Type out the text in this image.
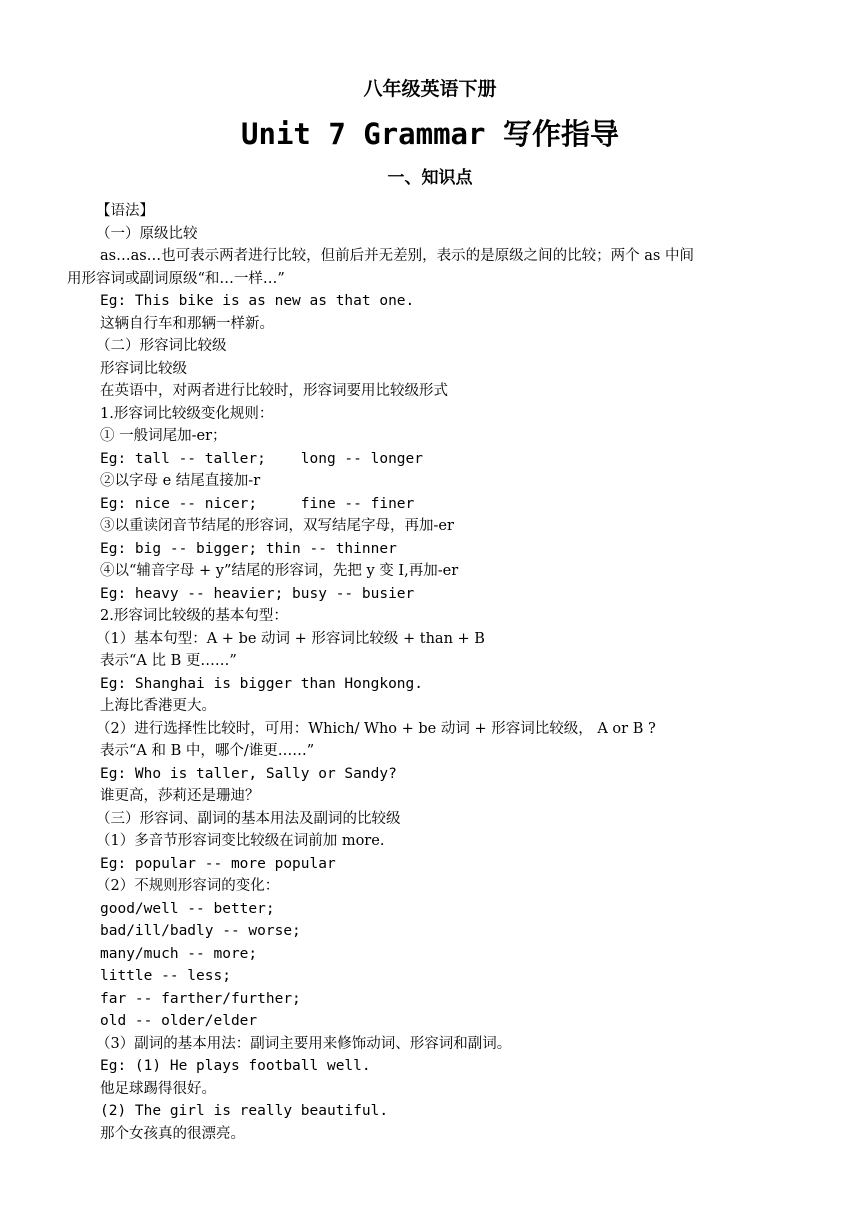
八年级英语下册
Unit 7 Grammar 写作指导
一、知识点
【语法】
（一）原级比较
as…as…也可表示两者进行比较，但前后并无差别，表示的是原级之间的比较；两个 as 中间
用形容词或副词原级“和…一样…”
Eg: This bike is as new as that one.
这辆自行车和那辆一样新。
（二）形容词比较级
形容词比较级
在英语中，对两者进行比较时，形容词要用比较级形式
1.形容词比较级变化规则：
① 一般词尾加-er；
Eg: tall -- taller;    long -- longer
②以字母 e 结尾直接加-r
Eg: nice -- nicer;     fine -- finer
③以重读闭音节结尾的形容词，双写结尾字母，再加-er
Eg: big -- bigger; thin -- thinner
④以“辅音字母 + y”结尾的形容词，先把 y 变 I,再加-er
Eg: heavy -- heavier; busy -- busier
2.形容词比较级的基本句型：
（1）基本句型：A + be 动词 + 形容词比较级 + than + B
表示“A 比 B 更……”
Eg: Shanghai is bigger than Hongkong.
上海比香港更大。
（2）进行选择性比较时，可用：Which/ Who + be 动词 + 形容词比较级， A or B ?
表示“A 和 B 中，哪个/谁更……”
Eg: Who is taller, Sally or Sandy?
谁更高，莎莉还是珊迪？
（三）形容词、副词的基本用法及副词的比较级
（1）多音节形容词变比较级在词前加 more.
Eg: popular -- more popular
（2）不规则形容词的变化：
good/well -- better;
bad/ill/badly -- worse;
many/much -- more;
little -- less;
far -- farther/further;
old -- older/elder
（3）副词的基本用法：副词主要用来修饰动词、形容词和副词。
Eg: (1) He plays football well.
他足球踢得很好。
(2) The girl is really beautiful.
那个女孩真的很漂亮。
